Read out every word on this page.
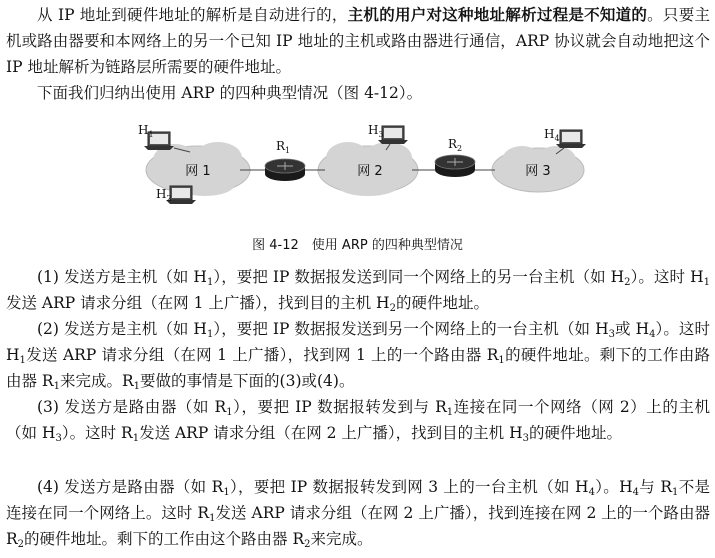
从 IP 地址到硬件地址的解析是自动进行的，主机的用户对这种地址解析过程是不知道的。只要主机或路由器要和本网络上的另一个已知 IP 地址的主机或路由器进行通信，ARP 协议就会自动地把这个 IP 地址解析为链路层所需要的硬件地址。

下面我们归纳出使用 ARP 的四种典型情况（图 4-12）。

网 1	网 2	网 3
$H_1$
$H_2$
$H_3$	$H_4$
$R_1$	$R_2$
图 4-12　使用 ARP 的四种典型情况

(1) 发送方是主机（如 $H_1$），要把 IP 数据报发送到同一个网络上的另一台主机（如 $H_2$）。这时 $H_1$发送 ARP 请求分组（在网 1 上广播），找到目的主机 $H_2$的硬件地址。

(2) 发送方是主机（如 $H_1$），要把 IP 数据报发送到另一个网络上的一台主机（如 $H_3$或 $H_4$）。这时 $H_1$发送 ARP 请求分组（在网 1 上广播），找到网 1 上的一个路由器 $R_1$的硬件地址。剩下的工作由路由器 $R_1$来完成。$R_1$要做的事情是下面的(3)或(4)。

(3) 发送方是路由器（如 $R_1$），要把 IP 数据报转发到与 $R_1$连接在同一个网络（网 2）上的主机（如 $H_3$）。这时 $R_1$发送 ARP 请求分组（在网 2 上广播），找到目的主机 $H_3$的硬件地址。

(4) 发送方是路由器（如 $R_1$），要把 IP 数据报转发到网 3 上的一台主机（如 $H_4$）。$H_4$与 $R_1$不是连接在同一个网络上。这时 $R_1$发送 ARP 请求分组（在网 2 上广播），找到连接在网 2 上的一个路由器 $R_2$的硬件地址。剩下的工作由这个路由器 $R_2$来完成。
